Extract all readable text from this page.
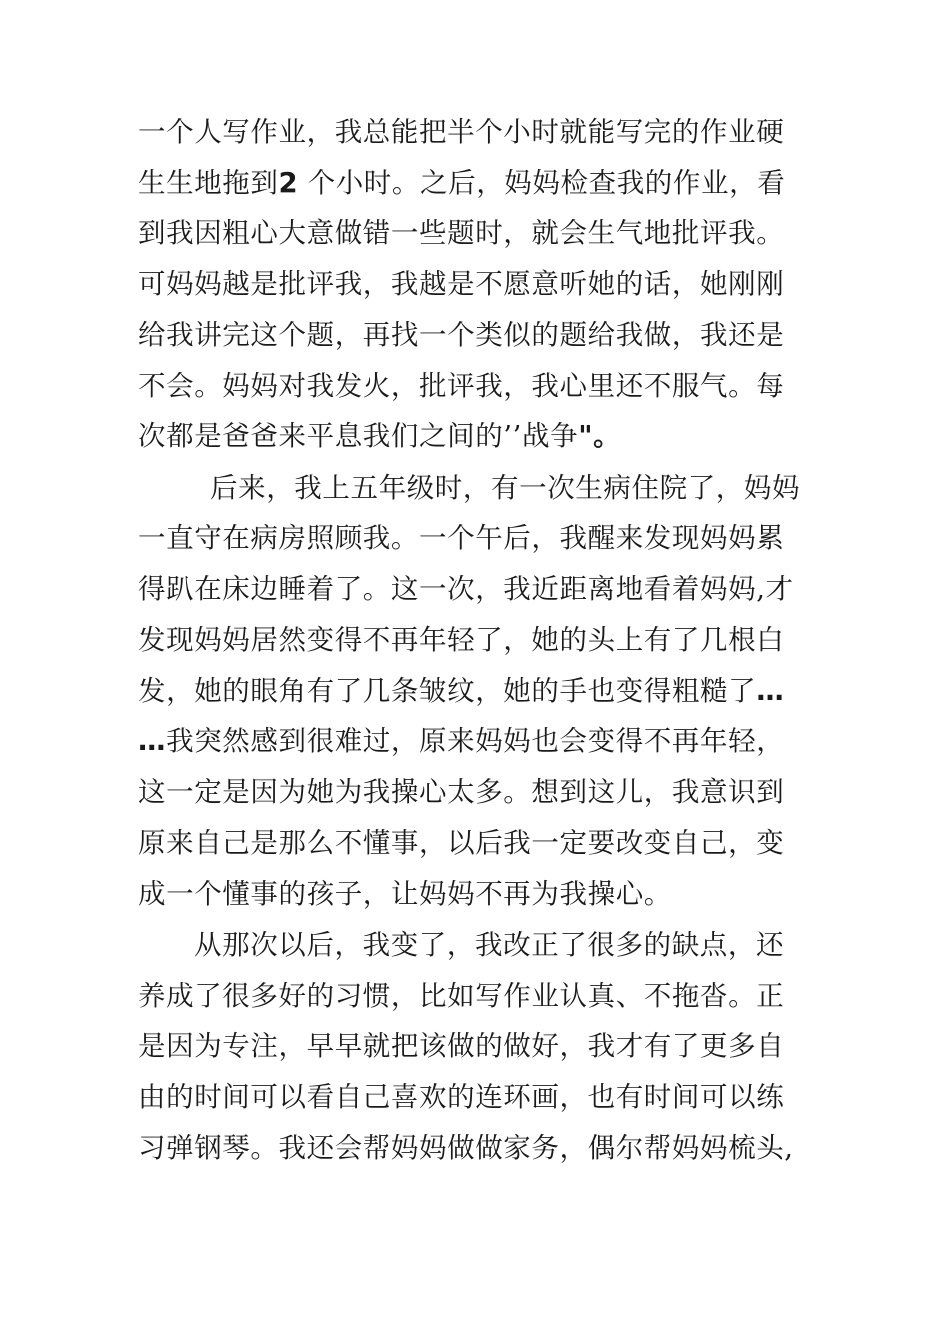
一个人写作业，我总能把半个小时就能写完的作业硬
生生地拖到2 个小时。之后，妈妈检查我的作业，看
到我因粗心大意做错一些题时，就会生气地批评我。
可妈妈越是批评我，我越是不愿意听她的话，她刚刚
给我讲完这个题，再找一个类似的题给我做，我还是
不会。妈妈对我发火，批评我，我心里还不服气。每
次都是爸爸来平息我们之间的’’战争"。
后来，我上五年级时，有一次生病住院了，妈妈
一直守在病房照顾我。一个午后，我醒来发现妈妈累
得趴在床边睡着了。这一次，我近距离地看着妈妈,才
发现妈妈居然变得不再年轻了，她的头上有了几根白
发，她的眼角有了几条皱纹，她的手也变得粗糙了…
…我突然感到很难过，原来妈妈也会变得不再年轻，
这一定是因为她为我操心太多。想到这儿，我意识到
原来自己是那么不懂事，以后我一定要改变自己，变
成一个懂事的孩子，让妈妈不再为我操心。
从那次以后，我变了，我改正了很多的缺点，还
养成了很多好的习惯，比如写作业认真、不拖沓。正
是因为专注，早早就把该做的做好，我才有了更多自
由的时间可以看自己喜欢的连环画，也有时间可以练
习弹钢琴。我还会帮妈妈做做家务，偶尔帮妈妈梳头,
